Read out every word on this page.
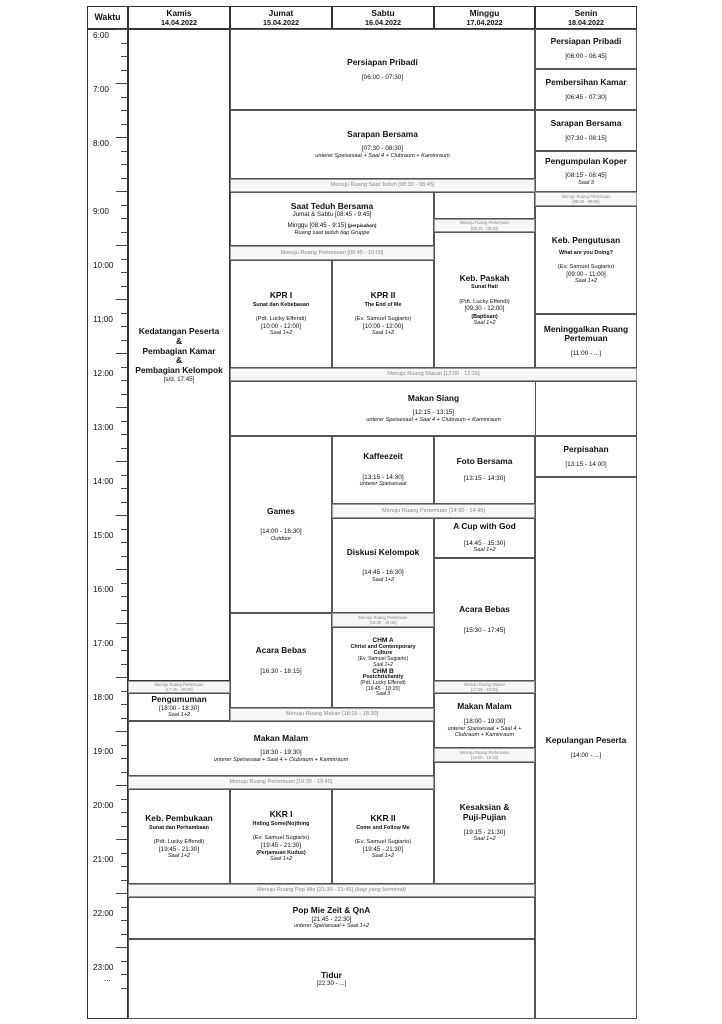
Waktu	Kamis
14.04.2022
Jumat
15.04.2022
Sabtu
16.04.2022
Minggu
17.04.2022
Senin
18.04.2022
6:00
7:00
8:00
9:00
10:00
11:00
12:00
13:00
14:00
15:00
16:00
17:00
18:00
19:00
20:00
21:00
22:00
23:00
...
Kedatangan Peserta
&
Pembagian Kamar
&
Pembagian Kelompok
[s/d. 17:45]
Menuju Ruang Pertemuan
[17:45 - 18:00]
Pengumuman
[18:00 - 18:30]
Saal 1+2
Persiapan Pribadi
[06:00 - 07:30]
Sarapan Bersama
[07:30 - 08:30]
unterer Speisesaal + Saal 4 + Clubraum + Kaminraum
Menuju Ruang Saat Teduh [08:30 - 08:45]
Saat Teduh Bersama
Jumat & Sabtu [08:45 - 9:45]
Minggu [08:45 - 9:15] (perpisahan)
Ruang saat teduh tiap Gruppe
Menuju Ruang Pertemuan
[09:15 - 09:30]
Menuju Ruang Pertemuan [09:45 - 10:00]
KPR I
Sunat dan Kebebasan
(Pdt. Lucky Effendi)
[10:00 - 12:00]
Saal 1+2
KPR II
The End of Me
(Ev. Samuel Sugiarto)
[10:00 - 12:00]
Saal 1+2
Keb. Paskah
Sunat Hati
(Pdt. Lucky Effendi)
[09:30 - 12:00]
(Baptisan)
Saal 1+2
Menuju Ruang Makan [12:00 - 12:15]
Makan Siang
[12:15 - 13:15]
unterer Speisesaal + Saal 4 + Clubraum + Kaminraum
Games
[14:00 - 16:30]
Outdoor
Kaffeezeit
[13:15 - 14:30]
unterer Speisesaal
Foto Bersama
[13:15 - 14:30]
Menuju Ruang Pertemuan [14:30 - 14:45]
Diskusi Kelompok
[14:45 - 16:30]
Saal 1+2
A Cup with God
[14:45 - 15:30]
Saal 1+2
Acara Bebas
[15:30 - 17:45]
Menuju Ruang Pertemuan
[16:30 - 16:45]
Acara Bebas
[16:30 - 18:15]
CHM A
Christ and Contemporary
Culture
(Ev. Samuel Sugiarto)
Saal 1+2
CHM B
Postchristianity
(Pdt. Lucky Effendi)
[16:45 - 18:15]
Saal 3
Menuju Ruang Makan
[17:45 - 18:00]
Menuju Ruang Makan [18:15 - 18:30]
Makan Malam
[18:00 - 19:00]
unterer Speisesaal + Saal 4 +
Clubraum + Kaminraum
Makan Malam
[18:30 - 19:30]
unterer Speisesaal + Saal 4 + Clubraum + Kaminraum
Menuju Ruang Pertemuan
[19:00 - 19:15]
Menuju Ruang Pertemuan [19:30 - 19:45]
Keb. Pembukaan
Sunat dan Perhambaan
(Pdt. Lucky Effendi)
[19:45 - 21:30]
Saal 1+2
KKR I
Hiding Some(No)thing
(Ev. Samuel Sugiarto)
[19:45 - 21:30]
(Perjamuan Kudus)
Saal 1+2
KKR II
Come and Follow Me
(Ev. Samuel Sugiarto)
[19:45 - 21:30]
Saal 1+2
Kesaksian &
Puji-Pujian
[19:15 - 21:30]
Saal 1+2
Menuju Ruang Pop Mie [21:30 - 21:45] (bagi yang berminat)
Pop Mie Zeit & QnA
[21:45 - 22:30]
unterer Speisesaal + Saal 1+2
Tidur
[22:30 - ...]
Persiapan Pribadi
[06:00 - 06:45]
Pembersihan Kamar
[06:45 - 07:30]
Sarapan Bersama
[07:30 - 08:15]
Pengumpulan Koper
[08:15 - 08:45]
Saal 3
Menuju Ruang Pertemuan
[08:45 - 09:00]
Keb. Pengutusan
What are you Doing?
(Ev. Samuel Sugiarto)
[09:00 - 11:00]
Saal 1+2
Meninggalkan Ruang
Pertemuan
[11:00 - ...]
Perpisahan
[13:15 - 14:00]
Kepulangan Peserta
[14:00 - ...]
